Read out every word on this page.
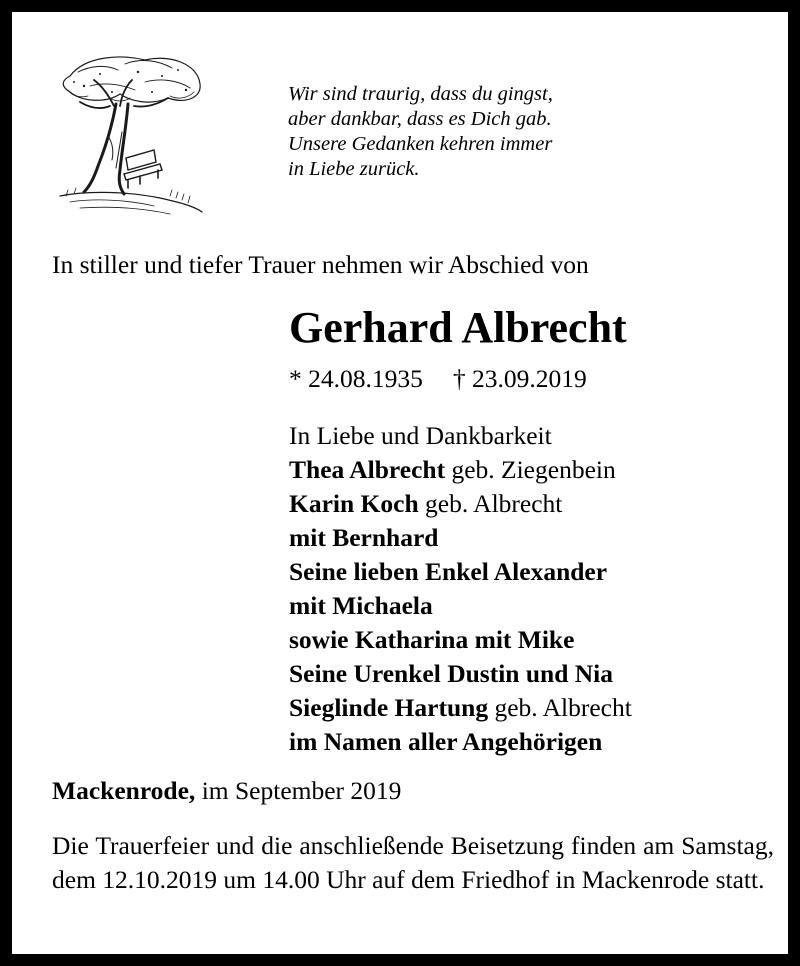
Wir sind traurig, dass du gingst,
aber dankbar, dass es Dich gab.
Unsere Gedanken kehren immer
in Liebe zurück.
In stiller und tiefer Trauer nehmen wir Abschied von
Gerhard Albrecht
* 24.08.1935 † 23.09.2019
In Liebe und Dankbarkeit
Thea Albrecht geb. Ziegenbein
Karin Koch geb. Albrecht
mit Bernhard
Seine lieben Enkel Alexander
mit Michaela
sowie Katharina mit Mike
Seine Urenkel Dustin und Nia
Sieglinde Hartung geb. Albrecht
im Namen aller Angehörigen
Mackenrode, im September 2019
Die Trauerfeier und die anschließende Beisetzung finden am Samstag, dem 12.10.2019 um 14.00 Uhr auf dem Friedhof in Mackenrode statt.
